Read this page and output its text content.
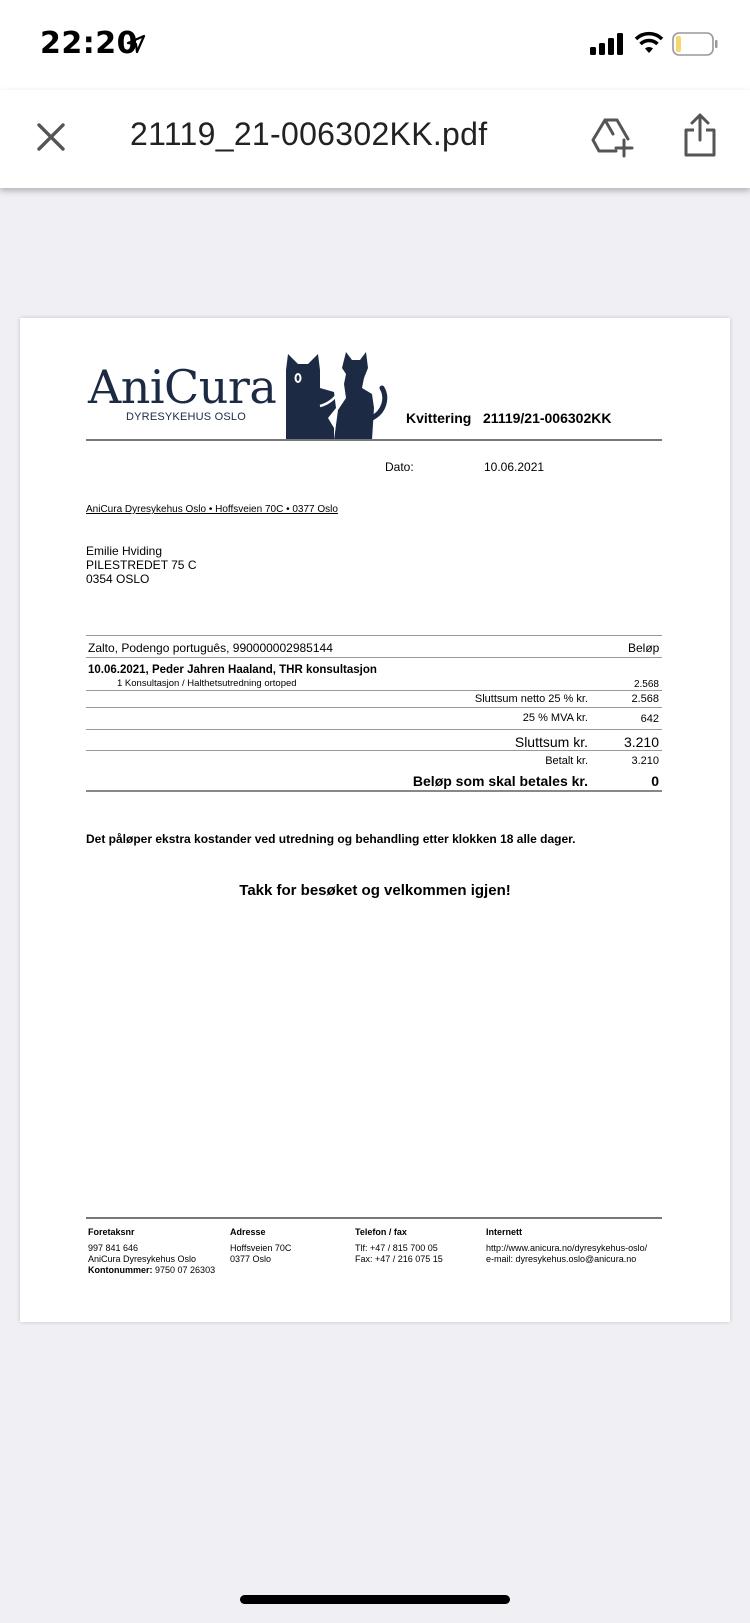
22:20
21119_21-006302KK.pdf
AniCura
DYRESYKEHUS OSLO	Kvittering 21119/21-006302KK
Dato:	10.06.2021
AniCura Dyresykehus Oslo • Hoffsveien 70C • 0377 Oslo
Emilie Hviding
PILESTREDET 75 C
0354 OSLO
Zalto, Podengo português, 990000002985144	Beløp
10.06.2021, Peder Jahren Haaland, THR konsultasjon
1 Konsultasjon / Halthetsutredning ortoped	2.568
Sluttsum netto 25 % kr.	2.568
25 % MVA kr.	642
Sluttsum kr.	3.210
Betalt kr.	3.210
Beløp som skal betales kr.	0
Det påløper ekstra kostander ved utredning og behandling etter klokken 18 alle dager.
Takk for besøket og velkommen igjen!
Foretaksnr
997 841 646
AniCura Dyresykehus Oslo
Kontonummer: 9750 07 26303
Adresse
Hoffsveien 70C
0377 Oslo
Telefon / fax
Tlf: +47 / 815 700 05
Fax: +47 / 216 075 15
Internett
http://www.anicura.no/dyresykehus-oslo/
e-mail: dyresykehus.oslo@anicura.no
